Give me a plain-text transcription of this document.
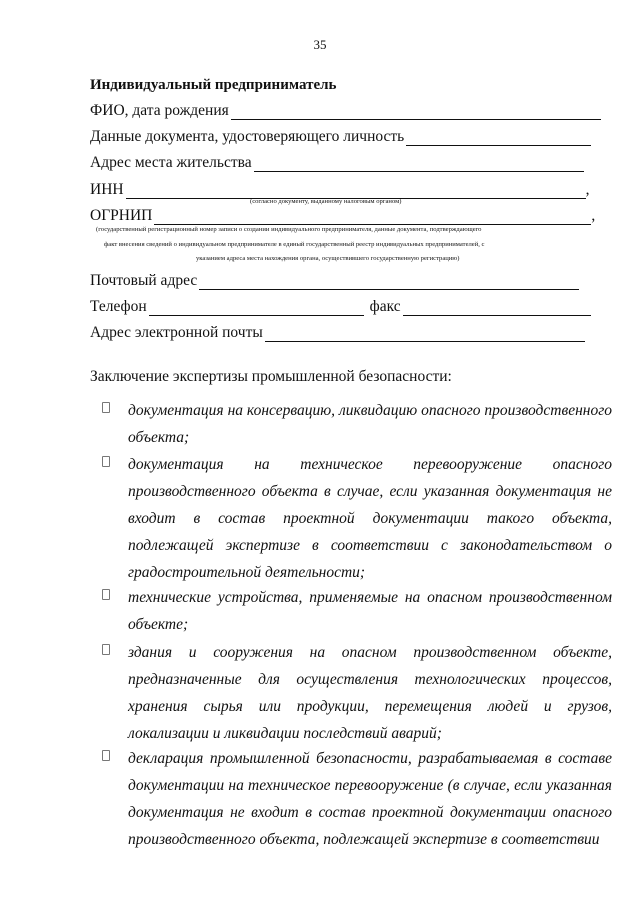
35
Индивидуальный предприниматель
ФИО, дата рождения
Данные документа, удостоверяющего личность
Адрес места жительства
ИНН	,
(согласно документу, выданному налоговым органом)
ОГРНИП	,
(государственный регистрационный номер записи о создании индивидуального предпринимателя, данные документа, подтверждающего
факт внесения сведений о индивидуальном предпринимателе в единый государственный реестр индивидуальных предпринимателей, с
указанием адреса места нахождения органа, осуществившего государственную регистрацию)
Почтовый адрес
Телефон	факс
Адрес электронной почты
Заключение экспертизы промышленной безопасности:
документация на консервацию, ликвидацию опасного производственного объекта;
документация на техническое перевооружение опасного производственного объекта в случае, если указанная документация не входит в состав проектной документации такого объекта, подлежащей экспертизе в соответствии с законодательством о градостроительной деятельности;
технические устройства, применяемые на опасном производственном объекте;
здания и сооружения на опасном производственном объекте, предназначенные для осуществления технологических процессов, хранения сырья или продукции, перемещения людей и грузов, локализации и ликвидации последствий аварий;
декларация промышленной безопасности, разрабатываемая в составе документации на техническое перевооружение (в случае, если указанная документация не входит в состав проектной документации опасного производственного объекта, подлежащей экспертизе в соответствии
